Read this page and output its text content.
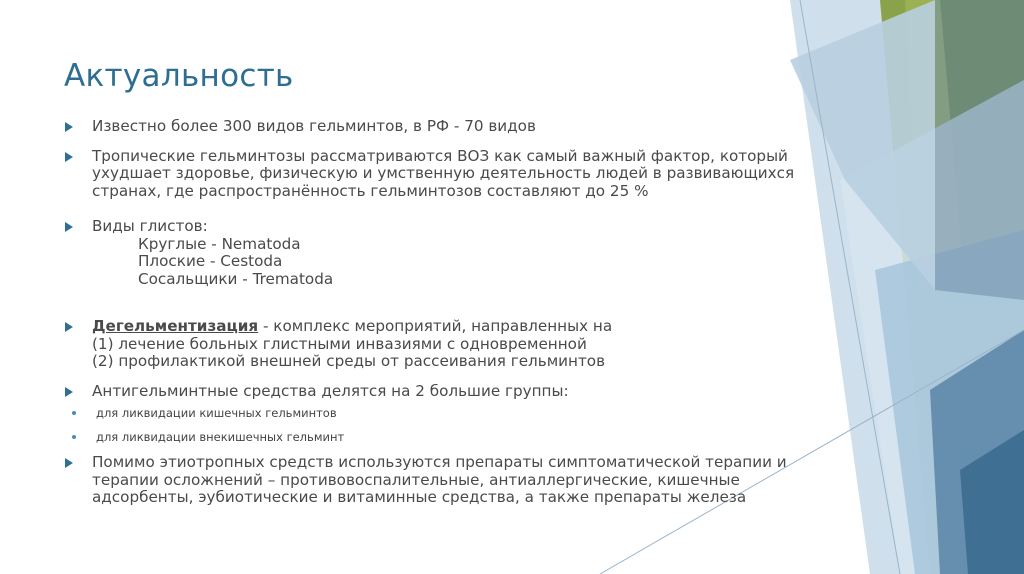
Актуальность
Известно более 300 видов гельминтов, в РФ - 70 видов
Тропические гельминтозы рассматриваются ВОЗ как самый важный фактор, который ухудшает здоровье, физическую и умственную деятельность людей в развивающихся странах, где распространённость гельминтозов составляют до 25 %
Виды глистов:
Круглые - Nematoda
Плоские - Cestoda
Сосальщики - Trematoda
Дегельментизация - комплекс мероприятий, направленных на
(1) лечение больных глистными инвазиями с одновременной
(2) профилактикой внешней среды от рассеивания гельминтов
Антигельминтные средства делятся на 2 большие группы:
для ликвидации кишечных гельминтов
для ликвидации внекишечных гельминт
Помимо этиотропных средств используются препараты симптоматической терапии и терапии осложнений – противовоспалительные, антиаллергические, кишечные адсорбенты, эубиотические и витаминные средства, а также препараты железа
